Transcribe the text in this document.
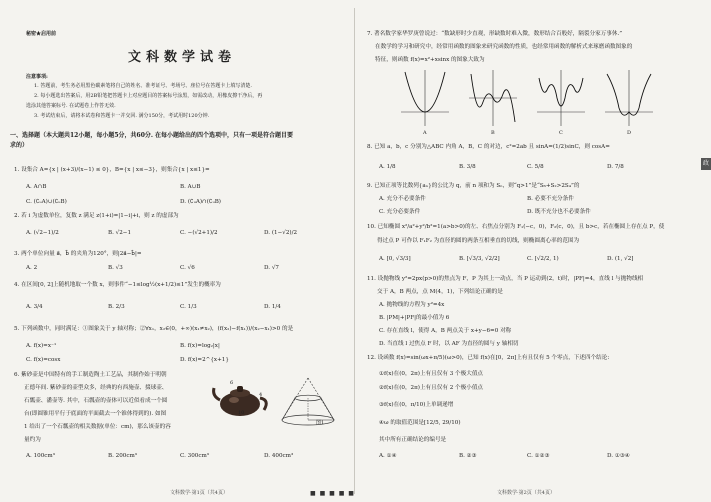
秘密★启用前
文科数学试卷
注意事项:
1. 答题前，考生务必用黑色碳素笔将自己的姓名、准考证号、考场号、座位号在答题卡上填写清楚.
2. 每小题选出答案后，用2B铅笔把答题卡上对应题目的答案标号涂黑，如需改动，用橡皮擦干净后，再
选涂其他答案标号. 在试题卷上作答无效.
3. 考试结束后，请将本试卷和答题卡一并交回. 满分150分，考试用时120分钟.
一、选择题（本大题共12小题，每小题5分，共60分. 在每小题给出的四个选项中，只有一项是符合题目要
求的）
1. 设集合 A={x | (x+3)/(x−1) ≤ 0}，B={x | x≤−3}，则集合{x | x≤1}=
A. A∩B	B. A∪B
C. (∁ᵤA)∪(∁ᵤB)	D. (∁ᵤA)∩(∁ᵤB)
2. 若 i 为虚数单位，复数 z 满足 z(1+i)=|1−i|+i，则 z 的虚部为
A. (√2−1)/2	B. √2−1	C. −(√2+1)/2	D. (1−√2)/2
3. 两个单位向量 a⃗，b⃗ 的夹角为120°，则|2a⃗−b⃗|=
A. 2	B. √3	C. √6	D. √7
4. 在区间[0, 2]上随机地取一个数 x，则事件“−1≤log½(x+1/2)≤1”发生的概率为
A. 3/4	B. 2/3	C. 1/3	D. 1/4
5. 下列函数中，同时满足：①图象关于 y 轴对称；②∀x₁，x₂∈(0，+∞)(x₁≠x₂)，(f(x₂)−f(x₁))/(x₂−x₁)>0 的是
A. f(x)=x⁻¹	B. f(x)=log₂|x|
C. f(x)=cosx	D. f(x)=2^{x+1}
6. 紫砂壶是中国特有的手工制造陶土工艺品，其制作始于明朝
正德年间. 紫砂壶的壶型众多，经典的有西施壶、掇球壶、
石瓢壶、潘壶等. 其中，石瓢壶的壶体可以近似看成一个圆
台(即圆锥用平行于底面的平面截去一个锥体得到的). 如图
1 给出了一个石瓢壶的相关数据(单位：cm)，那么该壶的容
量约为
6
4
10
图1
A. 100cm³	B. 200cm³	C. 300cm³	D. 400cm³
文科数学·第1页（共4页）	■ ■ ■ ■ ■
7. 著名数学家华罗庚曾说过：“数缺形时少直观，形缺数时难入微，数形结合百般好，隔裂分家万事休.”
在数学的学习和研究中，经常用函数的图象来研究函数的性质，也经常用函数的解析式来琢磨函数图象的
特征，则函数 f(x)=x²+xsinx 的图象大致为
A	B	C	D
8. 已知 a，b，c 分别为△ABC 内角 A，B，C 的对边，c²=2ab 且 sinA=(1/2)sinC，则 cosA=
A. 1/8	B. 3/8	C. 5/8	D. 7/8
9. 已知正项等比数列{aₙ}的公比为 q，前 n 项和为 Sₙ，则“q>1”是“S₆+S₂>2S₄”的
A. 充分不必要条件	B. 必要不充分条件
C. 充分必要条件	D. 既不充分也不必要条件
10. 已知椭圆 x²/a²+y²/b²=1(a>b>0)的左、右焦点分别为 F₁(−c，0)，F₂(c，0)，且 b>c，若在椭圆上存在点 P，使
得过点 P 可作以 F₁F₂ 为直径的圆的两条互相垂直的切线，则椭圆离心率的范围为
A. [0, √3/3]	B. [√3/3, √2/2]	C. [√2/2, 1)	D. (1, √2]
11. 设抛物线 y²=2px(p>0)的焦点为 F，P 为其上一动点，当 P 运动到(2，t)时，|PF|=4，直线 l 与抛物线相
交于 A，B 两点，点 M(4，1)，下列结论正确的是
A. 抛物线的方程为 y²=4x
B. |PM|+|PF|的最小值为 6
C. 存在直线 l，使得 A，B 两点关于 x+y−6=0 对称
D. 当直线 l 过焦点 F 时，以 AF 为直径的圆与 y 轴相切
12. 设函数 f(x)=sin(ωx+π/5)(ω>0)，已知 f(x)在[0，2π]上有且仅有 5 个零点，下述四个结论:
①f(x)在(0，2π)上有且仅有 3 个极大值点
②f(x)在(0，2π)上有且仅有 2 个极小值点
③f(x)在(0，π/10)上单调递增
④ω 的取值范围是[12/5, 29/10)
其中所有正确结论的编号是
A. ①④	B. ②③	C. ①②③	D. ①③④
文科数学·第2页（共4页）
政
